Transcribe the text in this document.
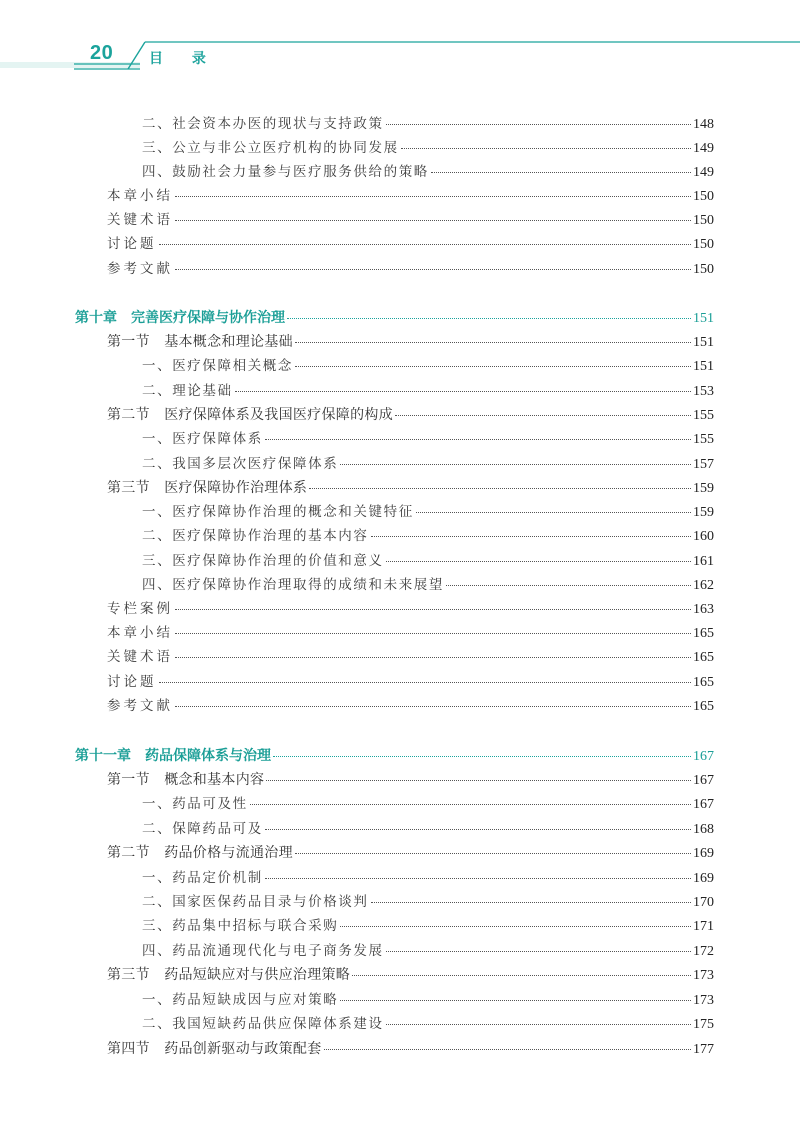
20	目 录
二、社会资本办医的现状与支持政策	148
三、公立与非公立医疗机构的协同发展	149
四、鼓励社会力量参与医疗服务供给的策略	149
本章小结	150
关键术语	150
讨论题	150
参考文献	150
第十章　完善医疗保障与协作治理	151
第一节　基本概念和理论基础	151
一、医疗保障相关概念	151
二、理论基础	153
第二节　医疗保障体系及我国医疗保障的构成	155
一、医疗保障体系	155
二、我国多层次医疗保障体系	157
第三节　医疗保障协作治理体系	159
一、医疗保障协作治理的概念和关键特征	159
二、医疗保障协作治理的基本内容	160
三、医疗保障协作治理的价值和意义	161
四、医疗保障协作治理取得的成绩和未来展望	162
专栏案例	163
本章小结	165
关键术语	165
讨论题	165
参考文献	165
第十一章　药品保障体系与治理	167
第一节　概念和基本内容	167
一、药品可及性	167
二、保障药品可及	168
第二节　药品价格与流通治理	169
一、药品定价机制	169
二、国家医保药品目录与价格谈判	170
三、药品集中招标与联合采购	171
四、药品流通现代化与电子商务发展	172
第三节　药品短缺应对与供应治理策略	173
一、药品短缺成因与应对策略	173
二、我国短缺药品供应保障体系建设	175
第四节　药品创新驱动与政策配套	177
